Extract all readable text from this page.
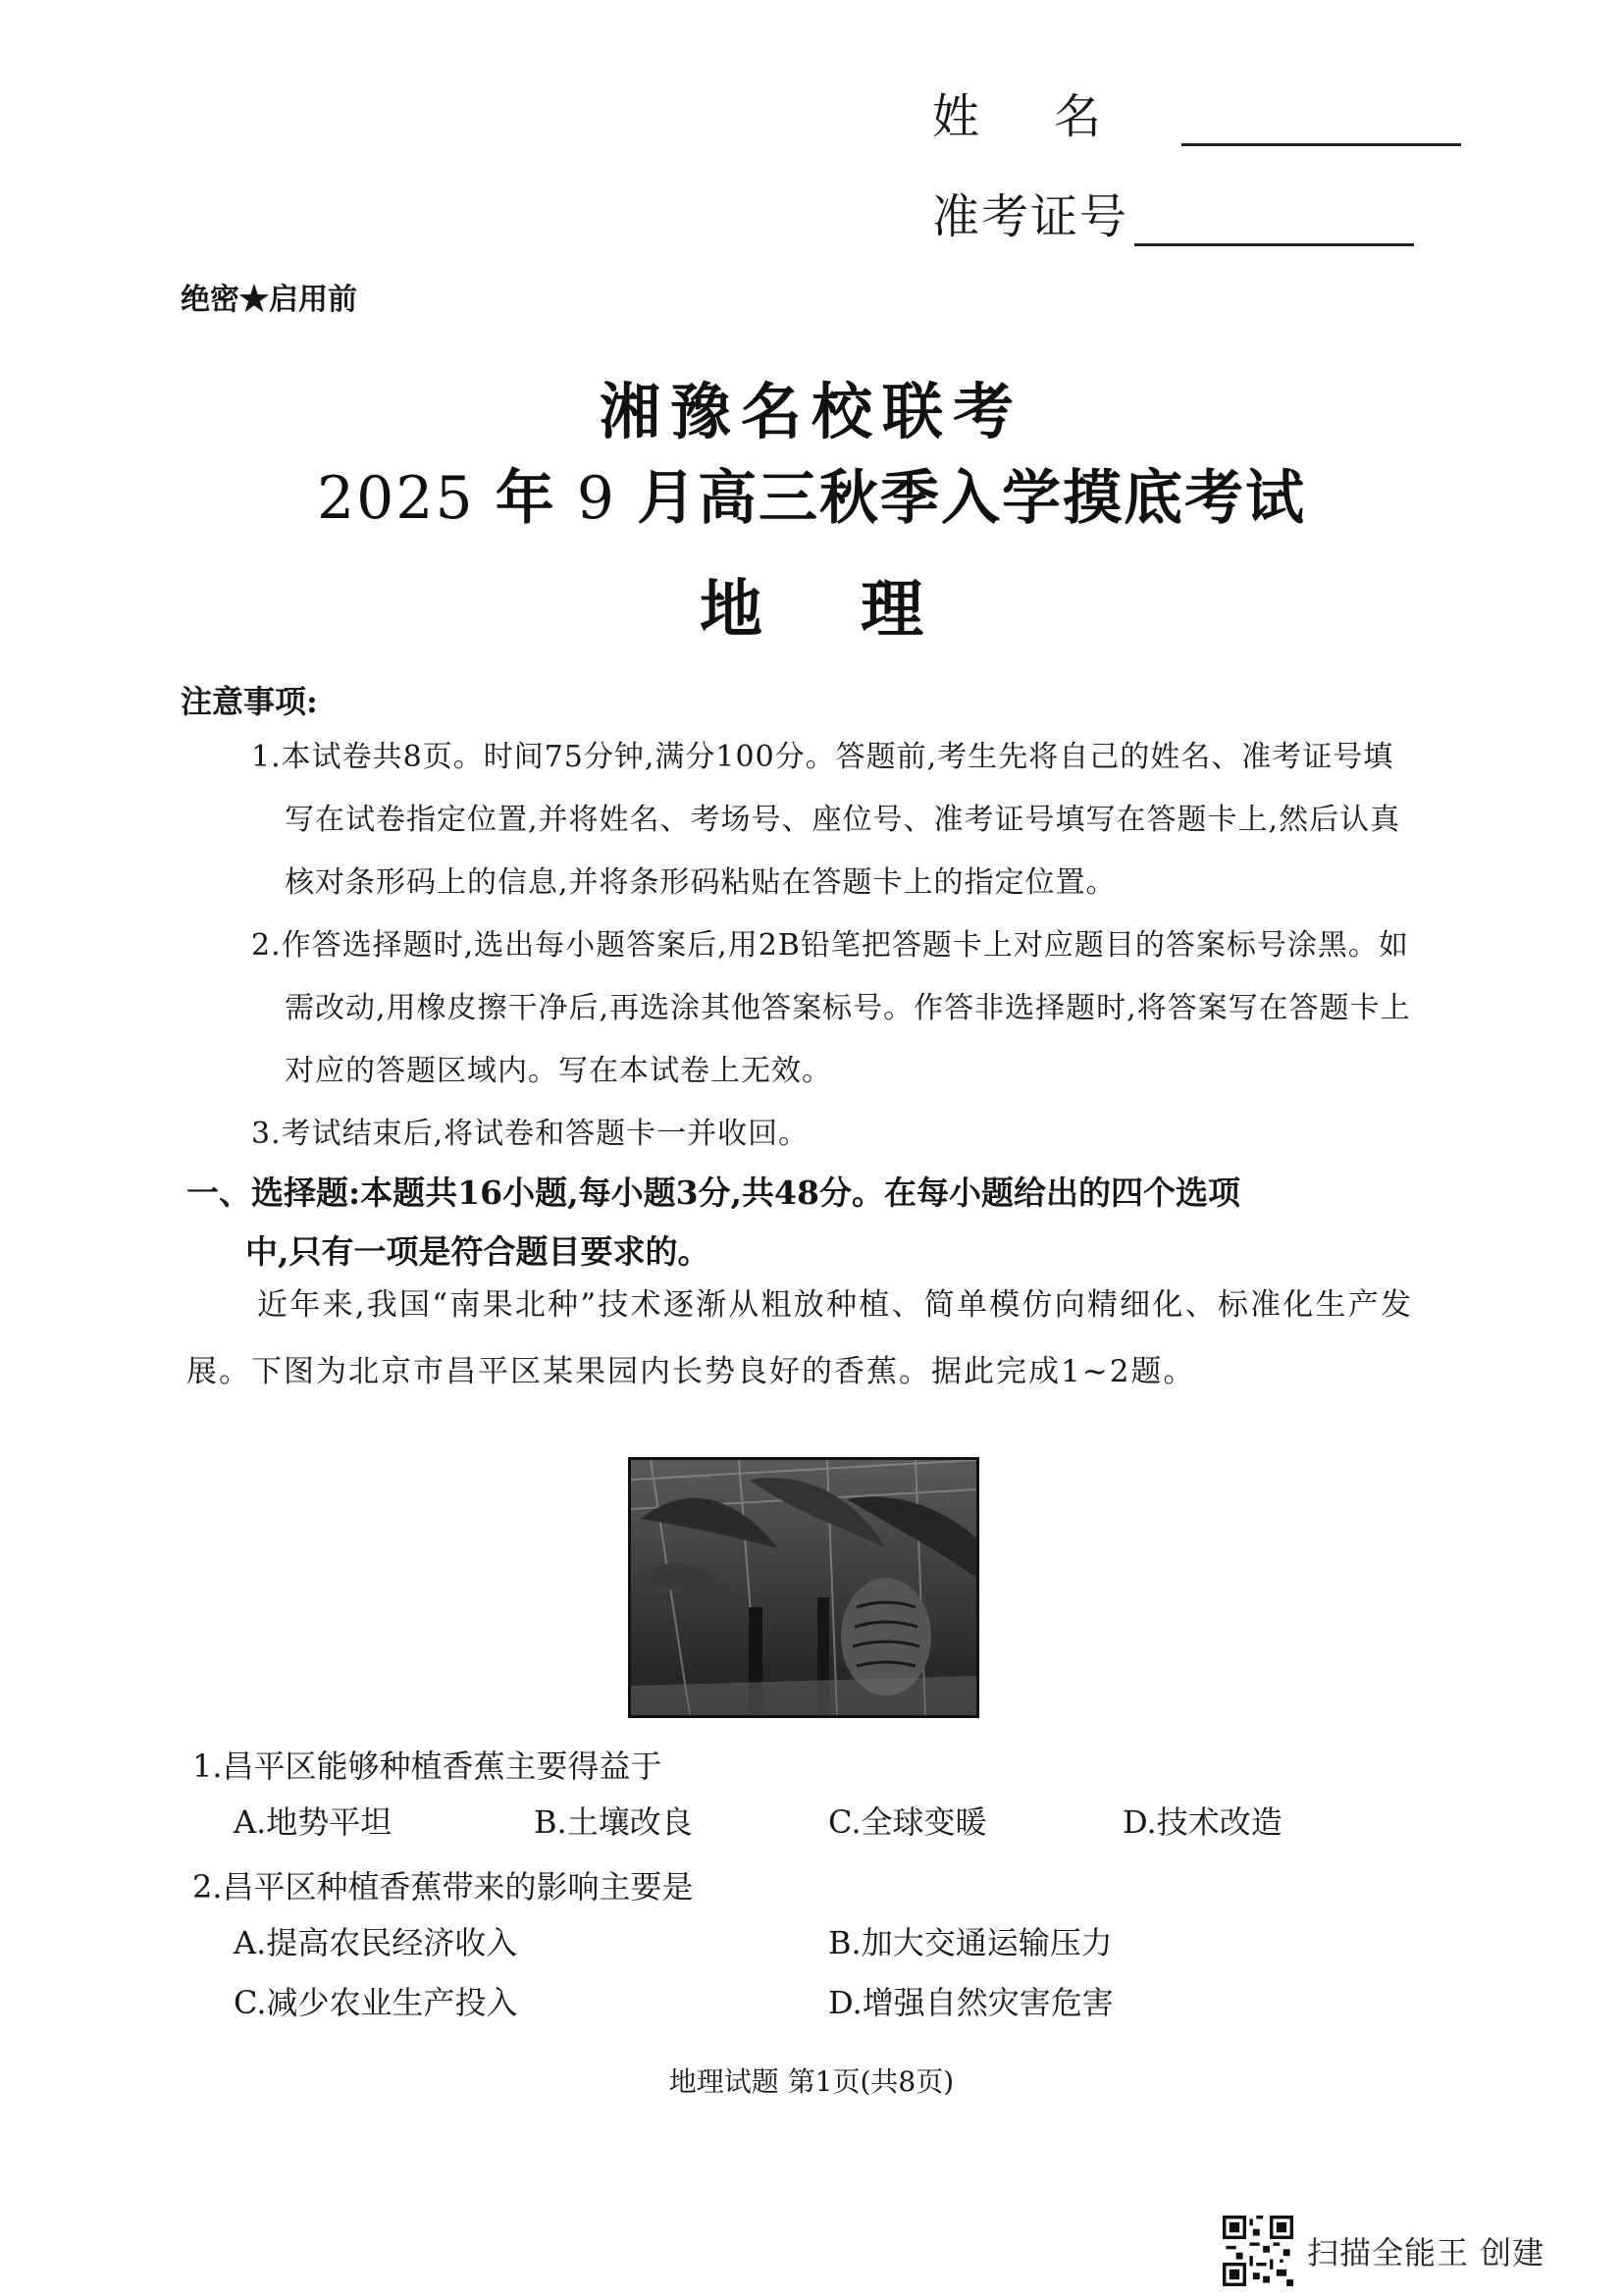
姓名
准考证号
绝密★启用前
湘豫名校联考
2025 年 9 月高三秋季入学摸底考试
地理
注意事项:

1.本试卷共8页。时间75分钟,满分100分。答题前,考生先将自己的姓名、准考证号填写在试卷指定位置,并将姓名、考场号、座位号、准考证号填写在答题卡上,然后认真核对条形码上的信息,并将条形码粘贴在答题卡上的指定位置。

2.作答选择题时,选出每小题答案后,用2B铅笔把答题卡上对应题目的答案标号涂黑。如需改动,用橡皮擦干净后,再选涂其他答案标号。作答非选择题时,将答案写在答题卡上对应的答题区域内。写在本试卷上无效。

3.考试结束后,将试卷和答题卡一并收回。

一、选择题:本题共16小题,每小题3分,共48分。在每小题给出的四个选项
中,只有一项是符合题目要求的。
近年来,我国“南果北种”技术逐渐从粗放种植、简单模仿向精细化、标准化生产发展。下图为北京市昌平区某果园内长势良好的香蕉。据此完成1~2题。
1.昌平区能够种植香蕉主要得益于
A.地势平坦	B.土壤改良	C.全球变暖	D.技术改造
2.昌平区种植香蕉带来的影响主要是
A.提高农民经济收入	B.加大交通运输压力
C.减少农业生产投入	D.增强自然灾害危害
地理试题 第1页(共8页)
扫描全能王 创建
